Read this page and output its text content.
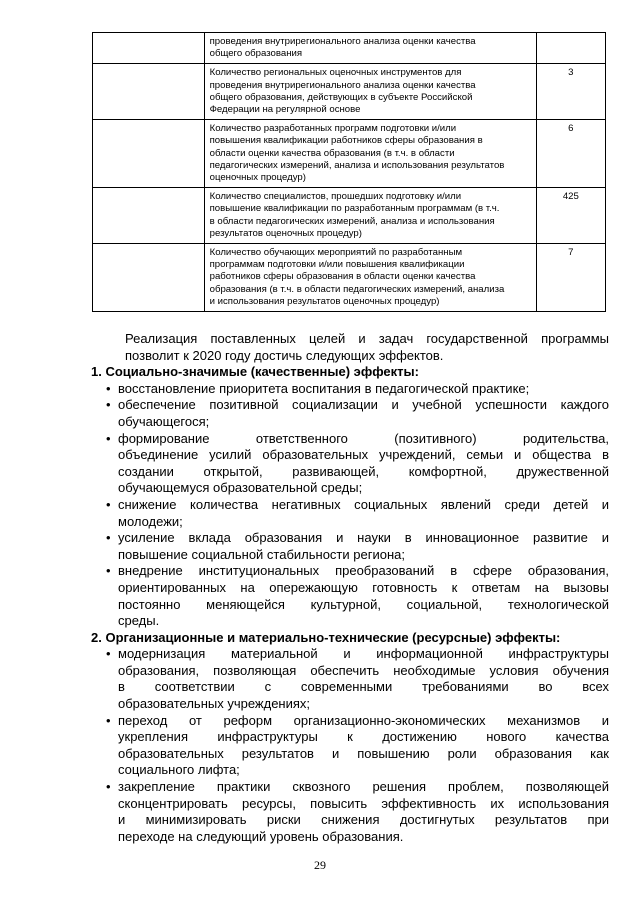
	проведения внутрирегионального анализа оценки качества
общего образования	

	Количество региональных оценочных инструментов для
проведения внутрирегионального анализа оценки качества
общего образования, действующих в субъекте Российской
Федерации на регулярной основе	3

	Количество разработанных программ подготовки и/или
повышения квалификации работников сферы образования в
области оценки качества образования (в т.ч. в области
педагогических измерений, анализа и использования результатов
оценочных процедур)	6

	Количество специалистов, прошедших подготовку и/или
повышение квалификации по разработанным программам (в т.ч.
в области педагогических измерений, анализа и использования
результатов оценочных процедур)	425

	Количество обучающих мероприятий по разработанным
программам подготовки и/или повышения квалификации
работников сферы образования в области оценки качества
образования (в т.ч. в области педагогических измерений, анализа
и использования результатов оценочных процедур)	7

Реализация поставленных целей и задач государственной программы
позволит к 2020 году достичь следующих эффектов.

1. Социально-значимые (качественные) эффекты:

• восстановление приоритета воспитания в педагогической практике;
• обеспечение позитивной социализации и учебной успешности каждого
обучающегося;
• формирование ответственного (позитивного) родительства,
объединение усилий образовательных учреждений, семьи и общества в
создании открытой, развивающей, комфортной, дружественной
обучающемуся образовательной среды;
• снижение количества негативных социальных явлений среди детей и
молодежи;
• усиление вклада образования и науки в инновационное развитие и
повышение социальной стабильности региона;
• внедрение институциональных преобразований в сфере образования,
ориентированных на опережающую готовность к ответам на вызовы
постоянно меняющейся культурной, социальной, технологической
среды.

2. Организационные и материально-технические (ресурсные) эффекты:

• модернизация материальной и информационной инфраструктуры
образования, позволяющая обеспечить необходимые условия обучения
в соответствии с современными требованиями во всех
образовательных учреждениях;
• переход от реформ организационно-экономических механизмов и
укрепления инфраструктуры к достижению нового качества
образовательных результатов и повышению роли образования как
социального лифта;
• закрепление практики сквозного решения проблем, позволяющей
сконцентрировать ресурсы, повысить эффективность их использования
и минимизировать риски снижения достигнутых результатов при
переходе на следующий уровень образования.
29
